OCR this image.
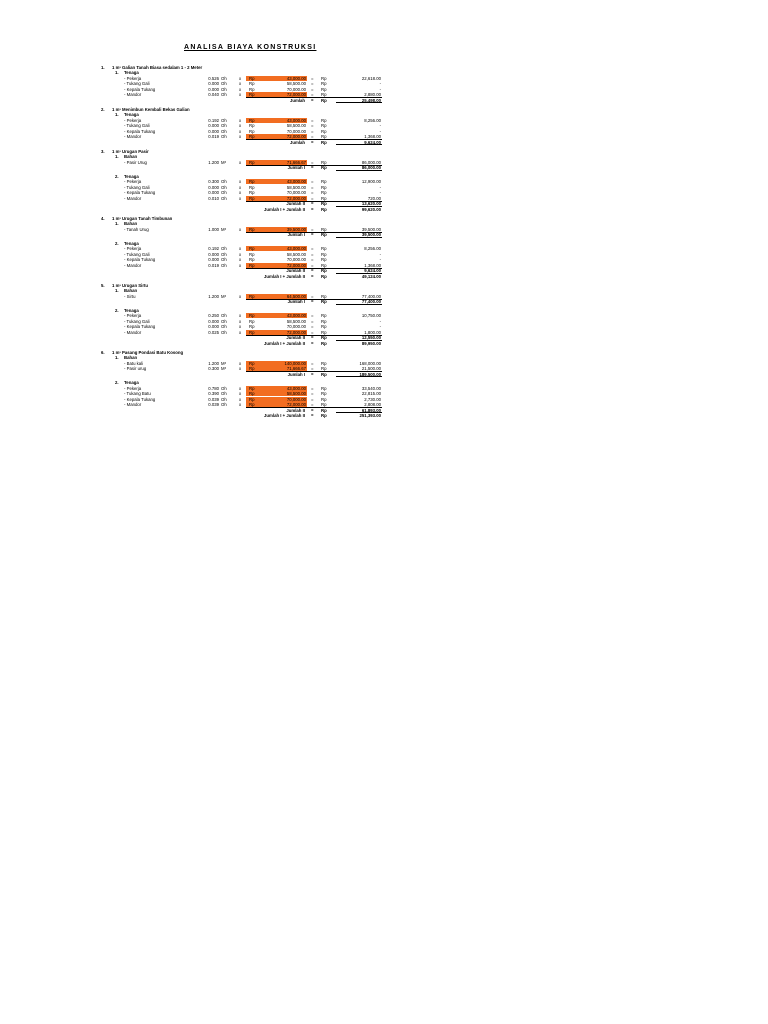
ANALISA BIAYA KONSTRUKSI
1. 1 m³ Galian Tanah Biasa sedalam 1 - 2 Meter
1. Tenaga
- Pekerja	0.526 Oh	x Rp	43,000.00 = Rp	22,618.00
- Tukang Gali	0.000 Oh	x Rp	58,500.00 = Rp	-
- Kepala Tukang	0.000 Oh	x Rp	70,000.00 = Rp	-
- Mandor	0.040 Oh	x Rp	72,000.00 = Rp	2,880.00
Jumlah = Rp	25,498.00
2. 1 m³ Menimbun Kembali Bekas Galian
1. Tenaga
- Pekerja	0.192 Oh	x Rp	43,000.00 = Rp	8,256.00
- Tukang Gali	0.000 Oh	x Rp	58,500.00 = Rp	-
- Kepala Tukang	0.000 Oh	x Rp	70,000.00 = Rp	-
- Mandor	0.019 Oh	x Rp	72,000.00 = Rp	1,368.00
Jumlah = Rp	9,624.00
3. 1 m³ Urugan Pasir
1. Bahan
- Pasir Urug	1.200 M³	x Rp	71,666.67 = Rp	86,000.00
Jumlah I = Rp	86,000.00
2. Tenaga
- Pekerja	0.300 Oh	x Rp	43,000.00 = Rp	12,900.00
- Tukang Gali	0.000 Oh	x Rp	58,500.00 = Rp	-
- Kepala Tukang	0.000 Oh	x Rp	70,000.00 = Rp	-
- Mandor	0.010 Oh	x Rp	72,000.00 = Rp	720.00
Jumlah II = Rp	13,620.00
Jumlah I + Jumlah II = Rp	99,620.00
4. 1 m³ Urugan Tanah Timbunan
1. Bahan
- Tanah Urug	1.000 M³	x Rp	39,500.00 = Rp	39,500.00
Jumlah I = Rp	39,500.00
2. Tenaga
- Pekerja	0.192 Oh	x Rp	43,000.00 = Rp	8,256.00
- Tukang Gali	0.000 Oh	x Rp	58,500.00 = Rp	-
- Kepala Tukang	0.000 Oh	x Rp	70,000.00 = Rp	-
- Mandor	0.019 Oh	x Rp	72,000.00 = Rp	1,368.00
Jumlah II = Rp	9,624.00
Jumlah I + Jumlah II = Rp	49,124.00
5. 1 m³ Urugan Sirtu
1. Bahan
- Sirtu	1.200 M³	x Rp	64,500.00 = Rp	77,400.00
Jumlah I = Rp	77,400.00
2. Tenaga
- Pekerja	0.250 Oh	x Rp	43,000.00 = Rp	10,750.00
- Tukang Gali	0.000 Oh	x Rp	58,500.00 = Rp	-
- Kepala Tukang	0.000 Oh	x Rp	70,000.00 = Rp	-
- Mandor	0.025 Oh	x Rp	72,000.00 = Rp	1,800.00
Jumlah II = Rp	12,550.00
Jumlah I + Jumlah II = Rp	89,950.00
6. 1 m³ Pasang Pondasi Batu Kosong
1. Bahan
- Batu kali	1.200 M³	x Rp	140,000.00 = Rp	168,000.00
- Pasir urug	0.300 M³	x Rp	71,666.67 = Rp	21,500.00
Jumlah I = Rp	189,500.00
2. Tenaga
- Pekerja	0.780 Oh	x Rp	43,000.00 = Rp	33,540.00
- Tukang Batu	0.390 Oh	x Rp	58,500.00 = Rp	22,815.00
- Kepala Tukang	0.039 Oh	x Rp	70,000.00 = Rp	2,730.00
- Mandor	0.039 Oh	x Rp	72,000.00 = Rp	2,808.00
Jumlah II = Rp	61,893.00
Jumlah I + Jumlah II = Rp	251,393.00
